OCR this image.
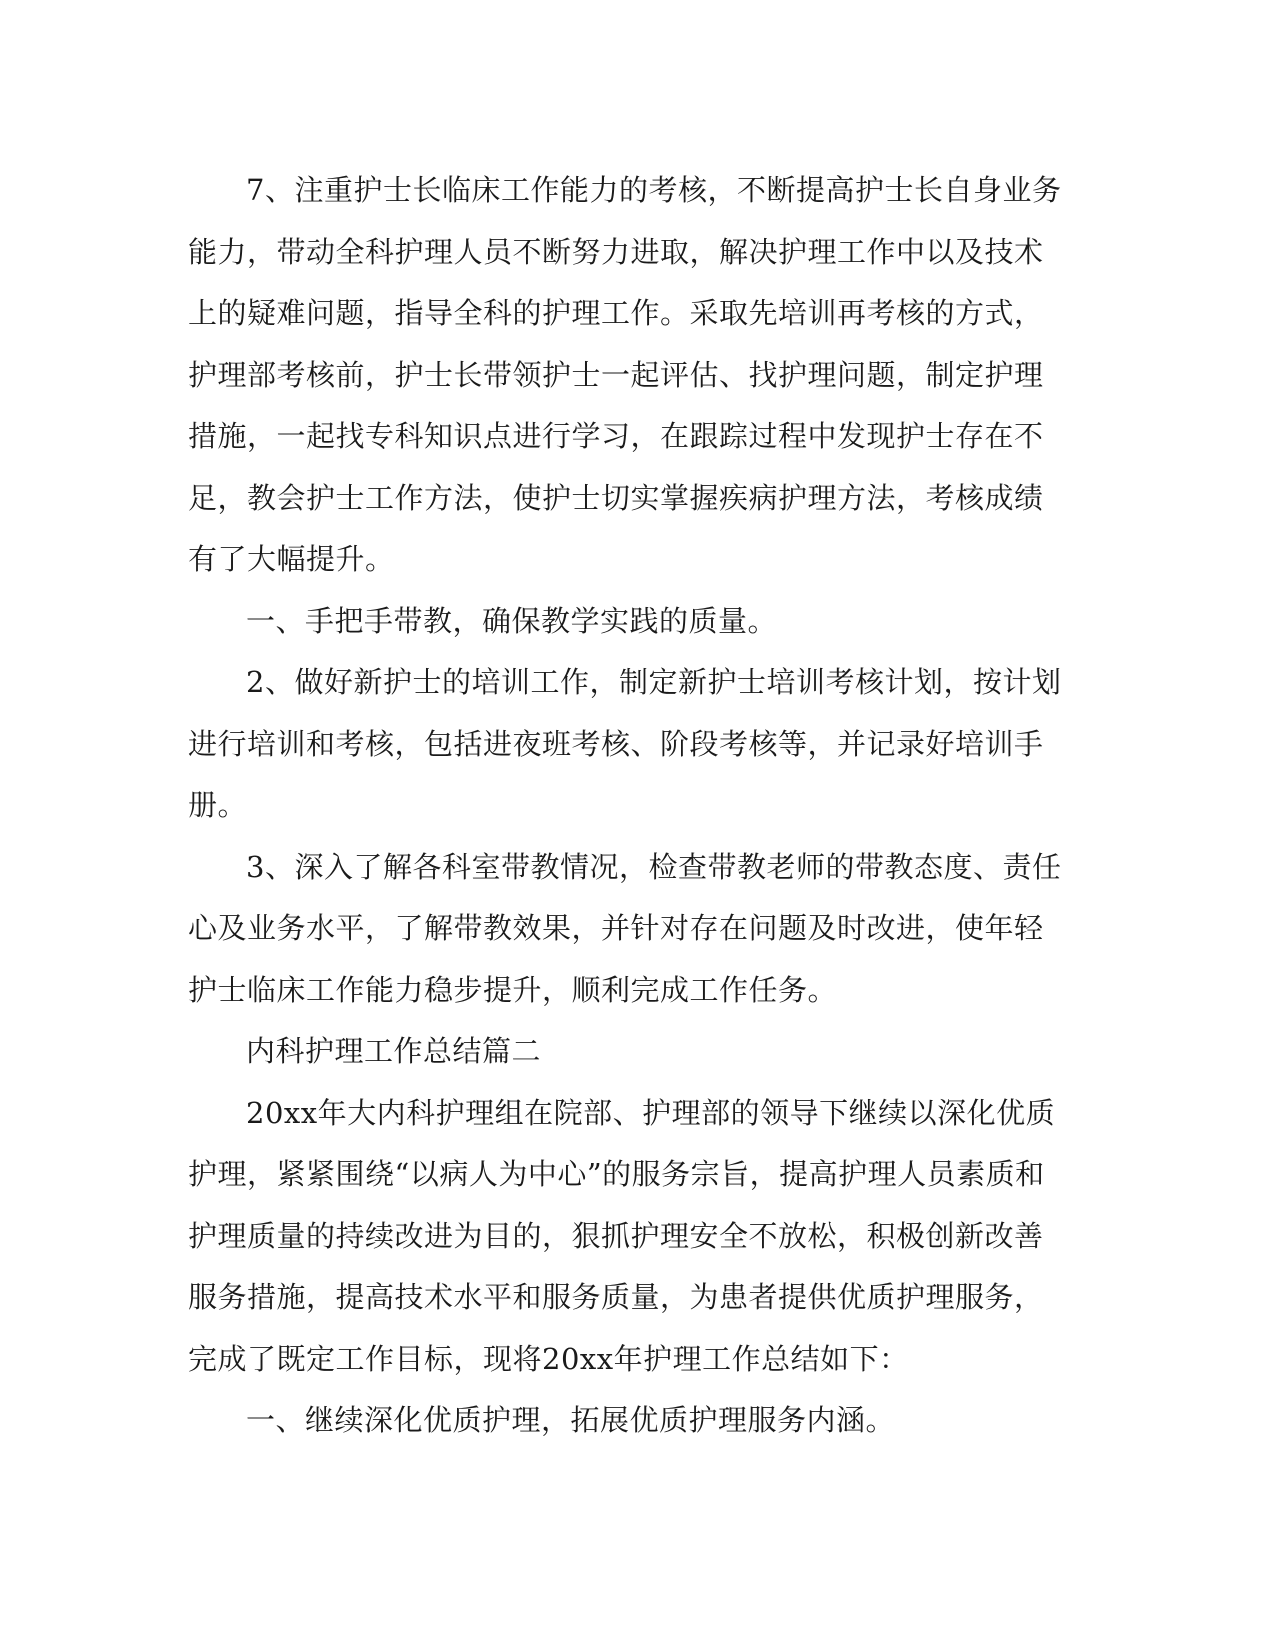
7、注重护士长临床工作能力的考核，不断提高护士长自身业务能力，带动全科护理人员不断努力进取，解决护理工作中以及技术上的疑难问题，指导全科的护理工作。采取先培训再考核的方式，护理部考核前，护士长带领护士一起评估、找护理问题，制定护理措施，一起找专科知识点进行学习，在跟踪过程中发现护士存在不足，教会护士工作方法，使护士切实掌握疾病护理方法，考核成绩有了大幅提升。

一、手把手带教，确保教学实践的质量。

2、做好新护士的培训工作，制定新护士培训考核计划，按计划进行培训和考核，包括进夜班考核、阶段考核等，并记录好培训手册。

3、深入了解各科室带教情况，检查带教老师的带教态度、责任心及业务水平，了解带教效果，并针对存在问题及时改进，使年轻护士临床工作能力稳步提升，顺利完成工作任务。

内科护理工作总结篇二

20xx年大内科护理组在院部、护理部的领导下继续以深化优质护理，紧紧围绕“以病人为中心”的服务宗旨，提高护理人员素质和护理质量的持续改进为目的，狠抓护理安全不放松，积极创新改善服务措施，提高技术水平和服务质量，为患者提供优质护理服务，完成了既定工作目标，现将20xx年护理工作总结如下：

一、继续深化优质护理，拓展优质护理服务内涵。
